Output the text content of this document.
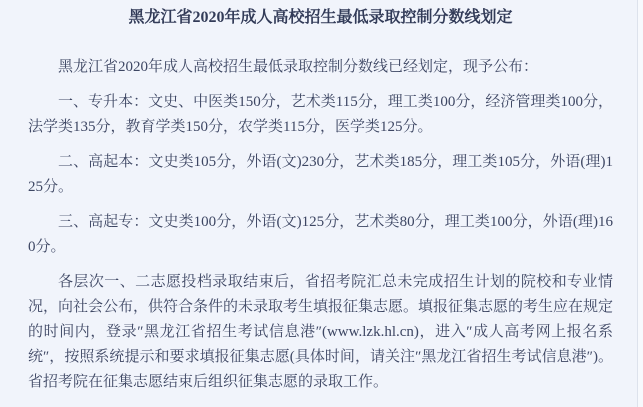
黑龙江省2020年成人高校招生最低录取控制分数线划定

黑龙江省2020年成人高校招生最低录取控制分数线已经划定，现予公布：

一、专升本：文史、中医类150分，艺术类115分，理工类100分，经济管理类100分，法学类135分，教育学类150分，农学类115分，医学类125分。

二、高起本：文史类105分，外语(文)230分，艺术类185分，理工类105分，外语(理)125分。

三、高起专：文史类100分，外语(文)125分，艺术类80分，理工类100分，外语(理)160分。

各层次一、二志愿投档录取结束后，省招考院汇总未完成招生计划的院校和专业情况，向社会公布，供符合条件的未录取考生填报征集志愿。填报征集志愿的考生应在规定的时间内，登录″黑龙江省招生考试信息港″(www.lzk.hl.cn)，进入″成人高考网上报名系统″，按照系统提示和要求填报征集志愿(具体时间，请关注″黑龙江省招生考试信息港″)。省招考院在征集志愿结束后组织征集志愿的录取工作。
